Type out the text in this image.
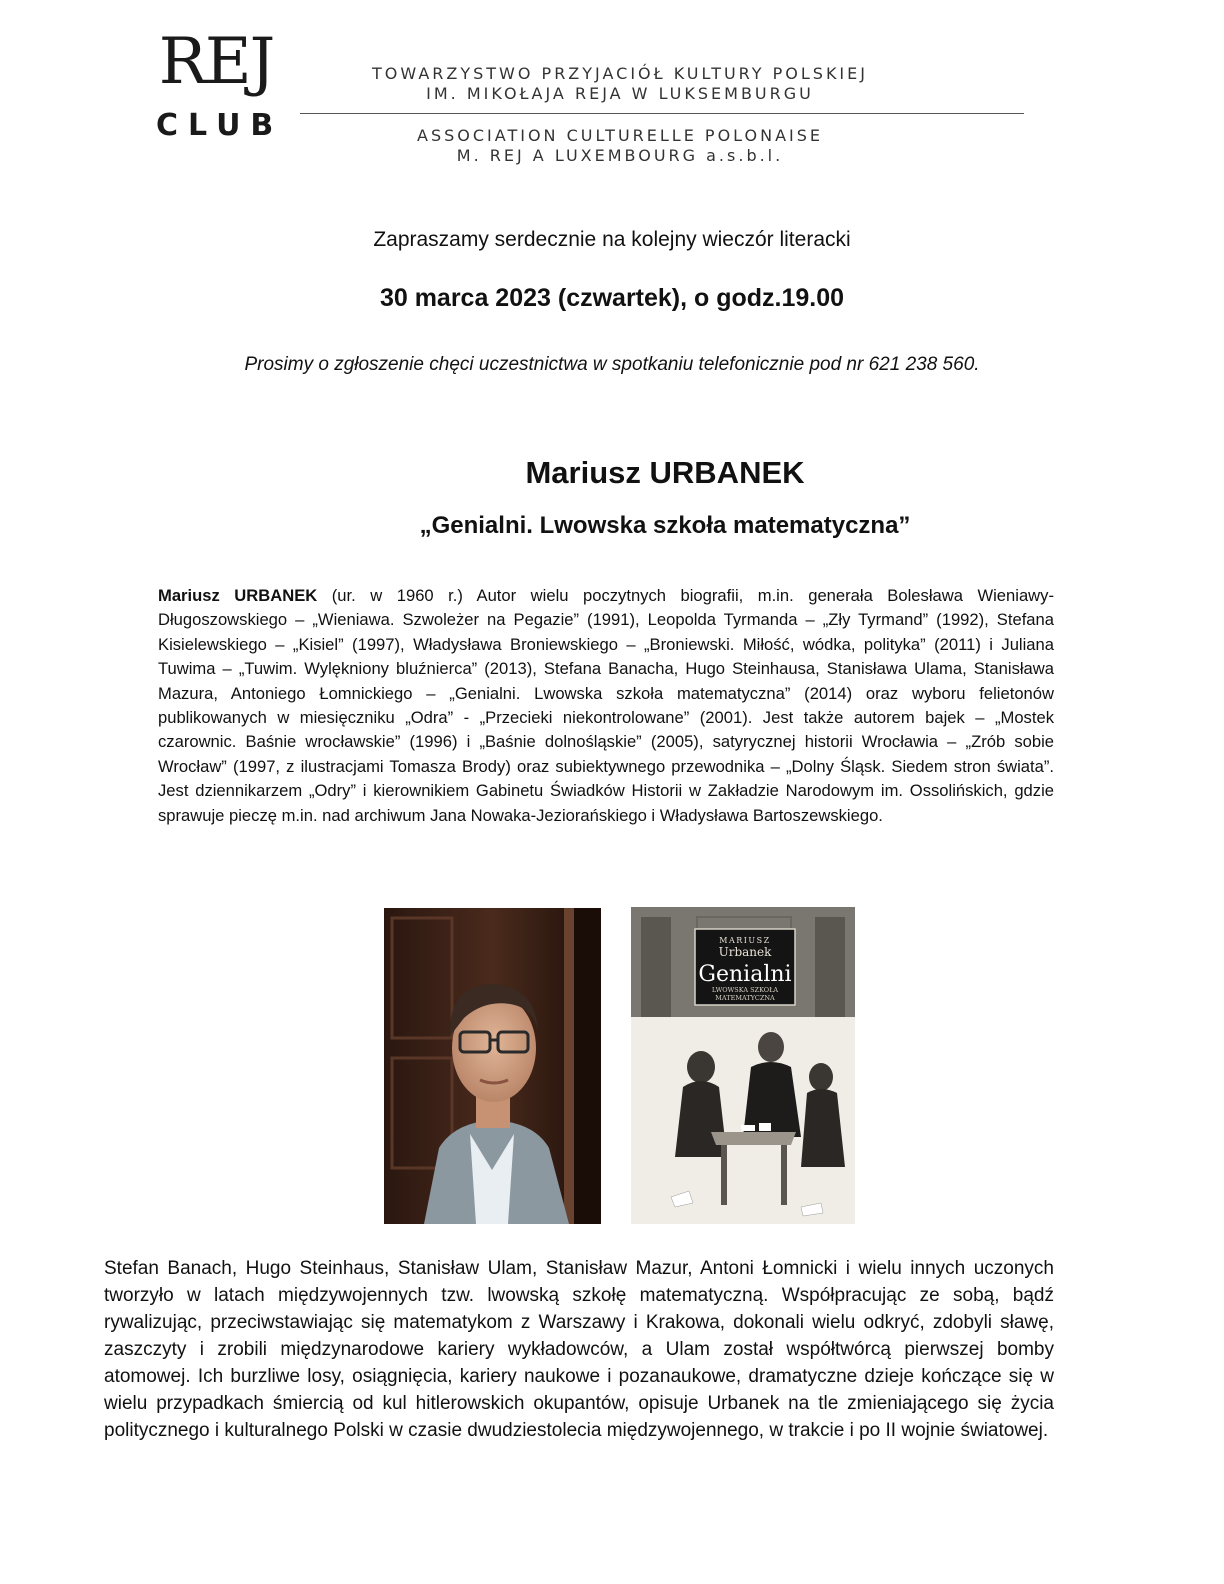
REJ
CLUB
TOWARZYSTWO PRZYJACIÓŁ KULTURY POLSKIEJ
IM. MIKOŁAJA REJA W LUKSEMBURGU
ASSOCIATION CULTURELLE POLONAISE
M. REJ A LUXEMBOURG a.s.b.l.
Zapraszamy serdecznie na kolejny wieczór literacki
30 marca 2023 (czwartek), o godz.19.00
Prosimy o zgłoszenie chęci uczestnictwa w spotkaniu telefonicznie pod nr 621 238 560.
Mariusz URBANEK
„Genialni. Lwowska szkoła matematyczna”

Mariusz URBANEK (ur. w 1960 r.) Autor wielu poczytnych biografii, m.in. generała Bolesława Wieniawy-Długoszowskiego – „Wieniawa. Szwoleżer na Pegazie” (1991), Leopolda Tyrmanda – „Zły Tyrmand” (1992), Stefana Kisielewskiego – „Kisiel” (1997), Władysława Broniewskiego – „Broniewski. Miłość, wódka, polityka” (2011) i Juliana Tuwima – „Tuwim. Wylękniony bluźnierca” (2013), Stefana Banacha, Hugo Steinhausa, Stanisława Ulama, Stanisława Mazura, Antoniego Łomnickiego – „Genialni. Lwowska szkoła matematyczna” (2014) oraz wyboru felietonów publikowanych w miesięczniku „Odra” - „Przecieki niekontrolowane” (2001). Jest także autorem bajek – „Mostek czarownic. Baśnie wrocławskie” (1996) i „Baśnie dolnośląskie” (2005), satyrycznej historii Wrocławia – „Zrób sobie Wrocław” (1997, z ilustracjami Tomasza Brody) oraz subiektywnego przewodnika – „Dolny Śląsk. Siedem stron świata”. Jest dziennikarzem „Odry” i kierownikiem Gabinetu Świadków Historii w Zakładzie Narodowym im. Ossolińskich, gdzie sprawuje pieczę m.in. nad archiwum Jana Nowaka-Jeziorańskiego i Władysława Bartoszewskiego.

MARIUSZ
Urbanek
Genialni
LWOWSKA SZKOŁA
MATEMATYCZNA

Stefan Banach, Hugo Steinhaus, Stanisław Ulam, Stanisław Mazur, Antoni Łomnicki i wielu innych uczonych tworzyło w latach międzywojennych tzw. lwowską szkołę matematyczną. Współpracując ze sobą, bądź rywalizując, przeciwstawiając się matematykom z Warszawy i Krakowa, dokonali wielu odkryć, zdobyli sławę, zaszczyty i zrobili międzynarodowe kariery wykładowców, a Ulam został współtwórcą pierwszej bomby atomowej. Ich burzliwe losy, osiągnięcia, kariery naukowe i pozanaukowe, dramatyczne dzieje kończące się w wielu przypadkach śmiercią od kul hitlerowskich okupantów, opisuje Urbanek na tle zmieniającego się życia politycznego i kulturalnego Polski w czasie dwudziestolecia międzywojennego, w trakcie i po II wojnie światowej.
